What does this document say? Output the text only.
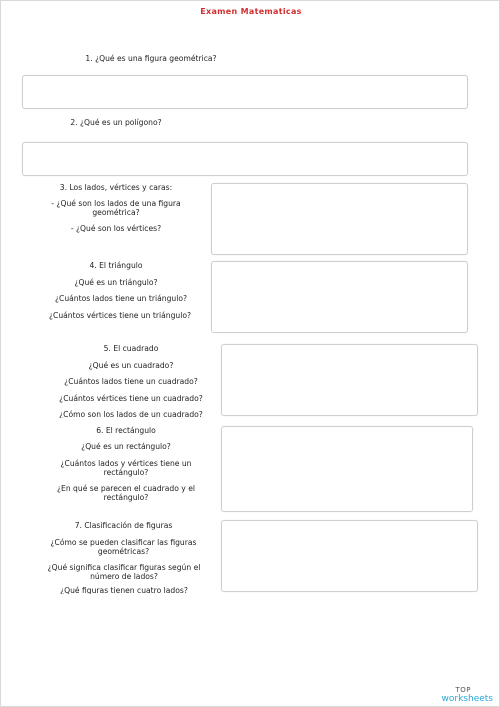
Examen Matematicas
1. ¿Qué es una figura geométrica?
2. ¿Qué es un polígono?
3. Los lados, vértices y caras:
- ¿Qué son los lados de una figura geométrica?
- ¿Qué son los vértices?
4. El triángulo
¿Qué es un triángulo?
¿Cuántos lados tiene un triángulo?
¿Cuántos vértices tiene un triángulo?
5. El cuadrado
¿Qué es un cuadrado?
¿Cuántos lados tiene un cuadrado?
¿Cuántos vértices tiene un cuadrado?
¿Cómo son los lados de un cuadrado?
6. El rectángulo
¿Qué es un rectángulo?
¿Cuántos lados y vértices tiene un rectángulo?
¿En qué se parecen el cuadrado y el rectángulo?
7. Clasificación de figuras
¿Cómo se pueden clasificar las figuras geométricas?
¿Qué significa clasificar figuras según el número de lados?
¿Qué figuras tienen cuatro lados?
TOP
worksheets
